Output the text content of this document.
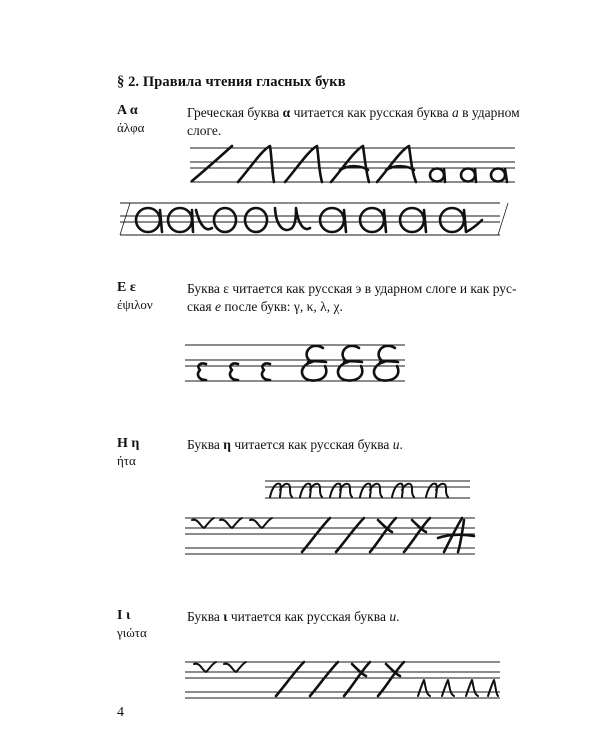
§ 2. Правила чтения гласных букв
Α α
άλφα
Греческая буква α читается как русская буква а в ударном слоге.
Ε ε
έψιλον
Буква ε читается как русская э в ударном слоге и как рус-
ская е после букв: γ, κ, λ, χ.
Η η
ήτα
Буква η читается как русская буква и.
Ι ι
γιώτα
Буква ι читается как русская буква и.
4
